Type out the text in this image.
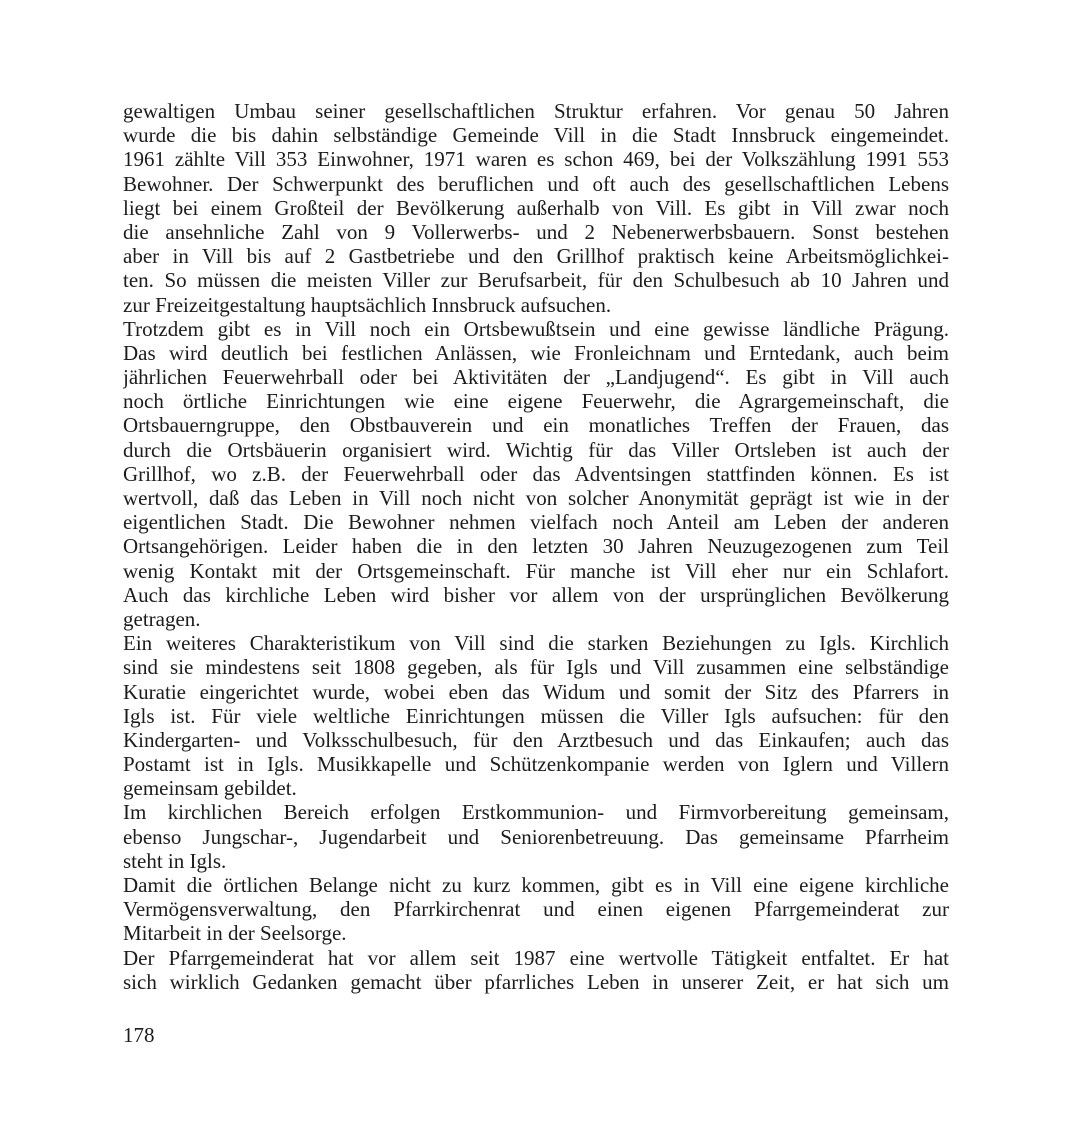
gewaltigen Umbau seiner gesellschaftlichen Struktur erfahren. Vor genau 50 Jahren
wurde die bis dahin selbständige Gemeinde Vill in die Stadt Innsbruck eingemeindet.
1961 zählte Vill 353 Einwohner, 1971 waren es schon 469, bei der Volkszählung 1991 553
Bewohner. Der Schwerpunkt des beruflichen und oft auch des gesellschaftlichen Lebens
liegt bei einem Großteil der Bevölkerung außerhalb von Vill. Es gibt in Vill zwar noch
die ansehnliche Zahl von 9 Vollerwerbs- und 2 Nebenerwerbsbauern. Sonst bestehen
aber in Vill bis auf 2 Gastbetriebe und den Grillhof praktisch keine Arbeitsmöglichkei-
ten. So müssen die meisten Viller zur Berufsarbeit, für den Schulbesuch ab 10 Jahren und
zur Freizeitgestaltung hauptsächlich Innsbruck aufsuchen.
Trotzdem gibt es in Vill noch ein Ortsbewußtsein und eine gewisse ländliche Prägung.
Das wird deutlich bei festlichen Anlässen, wie Fronleichnam und Erntedank, auch beim
jährlichen Feuerwehrball oder bei Aktivitäten der „Landjugend“. Es gibt in Vill auch
noch örtliche Einrichtungen wie eine eigene Feuerwehr, die Agrargemeinschaft, die
Ortsbauerngruppe, den Obstbauverein und ein monatliches Treffen der Frauen, das
durch die Ortsbäuerin organisiert wird. Wichtig für das Viller Ortsleben ist auch der
Grillhof, wo z.B. der Feuerwehrball oder das Adventsingen stattfinden können. Es ist
wertvoll, daß das Leben in Vill noch nicht von solcher Anonymität geprägt ist wie in der
eigentlichen Stadt. Die Bewohner nehmen vielfach noch Anteil am Leben der anderen
Ortsangehörigen. Leider haben die in den letzten 30 Jahren Neuzugezogenen zum Teil
wenig Kontakt mit der Ortsgemeinschaft. Für manche ist Vill eher nur ein Schlafort.
Auch das kirchliche Leben wird bisher vor allem von der ursprünglichen Bevölkerung
getragen.
Ein weiteres Charakteristikum von Vill sind die starken Beziehungen zu Igls. Kirchlich
sind sie mindestens seit 1808 gegeben, als für Igls und Vill zusammen eine selbständige
Kuratie eingerichtet wurde, wobei eben das Widum und somit der Sitz des Pfarrers in
Igls ist. Für viele weltliche Einrichtungen müssen die Viller Igls aufsuchen: für den
Kindergarten- und Volksschulbesuch, für den Arztbesuch und das Einkaufen; auch das
Postamt ist in Igls. Musikkapelle und Schützenkompanie werden von Iglern und Villern
gemeinsam gebildet.
Im kirchlichen Bereich erfolgen Erstkommunion- und Firmvorbereitung gemeinsam,
ebenso Jungschar-, Jugendarbeit und Seniorenbetreuung. Das gemeinsame Pfarrheim
steht in Igls.
Damit die örtlichen Belange nicht zu kurz kommen, gibt es in Vill eine eigene kirchliche
Vermögensverwaltung, den Pfarrkirchenrat und einen eigenen Pfarrgemeinderat zur
Mitarbeit in der Seelsorge.
Der Pfarrgemeinderat hat vor allem seit 1987 eine wertvolle Tätigkeit entfaltet. Er hat
sich wirklich Gedanken gemacht über pfarrliches Leben in unserer Zeit, er hat sich um
178
